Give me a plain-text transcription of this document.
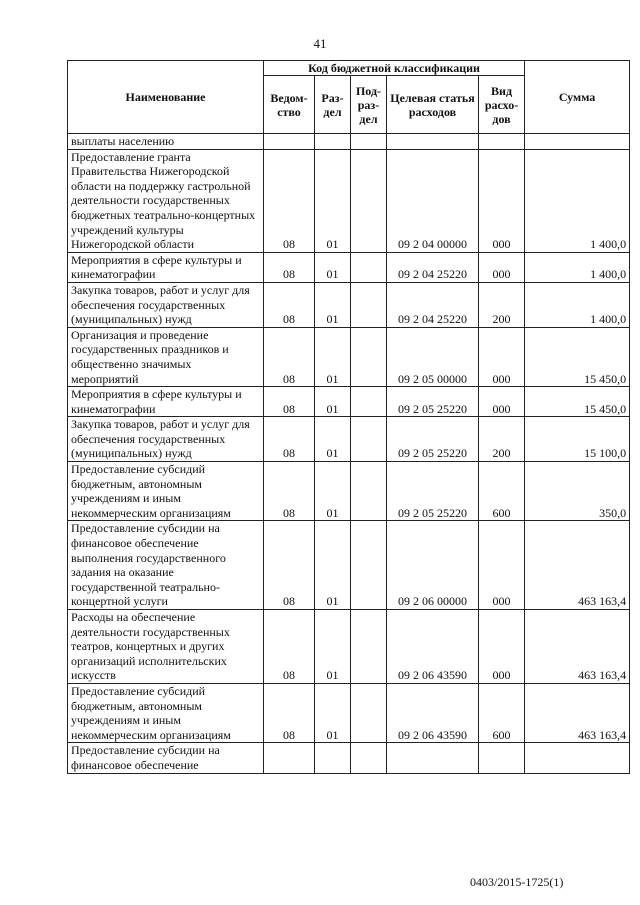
41
Наименование	Код бюджетной классификации					Сумма
	Ведом-ство	Раз-дел	Под-раз-дел	Целевая статья расходов	Вид расхо-дов	
выплаты населению						
Предоставление гранта Правительства Нижегородской области на поддержку гастрольной деятельности государственных бюджетных театрально-концертных учреждений культуры Нижегородской области	08	01		09 2 04 00000	000	1 400,0
Мероприятия в сфере культуры и кинематографии	08	01		09 2 04 25220	000	1 400,0
Закупка товаров, работ и услуг для обеспечения государственных (муниципальных) нужд	08	01		09 2 04 25220	200	1 400,0
Организация и проведение государственных праздников и общественно значимых мероприятий	08	01		09 2 05 00000	000	15 450,0
Мероприятия в сфере культуры и кинематографии	08	01		09 2 05 25220	000	15 450,0
Закупка товаров, работ и услуг для обеспечения государственных (муниципальных) нужд	08	01		09 2 05 25220	200	15 100,0
Предоставление субсидий бюджетным, автономным учреждениям и иным некоммерческим организациям	08	01		09 2 05 25220	600	350,0
Предоставление субсидии на финансовое обеспечение выполнения государственного задания на оказание государственной театрально-концертной услуги	08	01		09 2 06 00000	000	463 163,4
Расходы на обеспечение деятельности государственных театров, концертных и других организаций исполнительских искусств	08	01		09 2 06 43590	000	463 163,4
Предоставление субсидий бюджетным, автономным учреждениям и иным некоммерческим организациям	08	01		09 2 06 43590	600	463 163,4
Предоставление субсидии на финансовое обеспечение						
0403/2015-1725(1)
